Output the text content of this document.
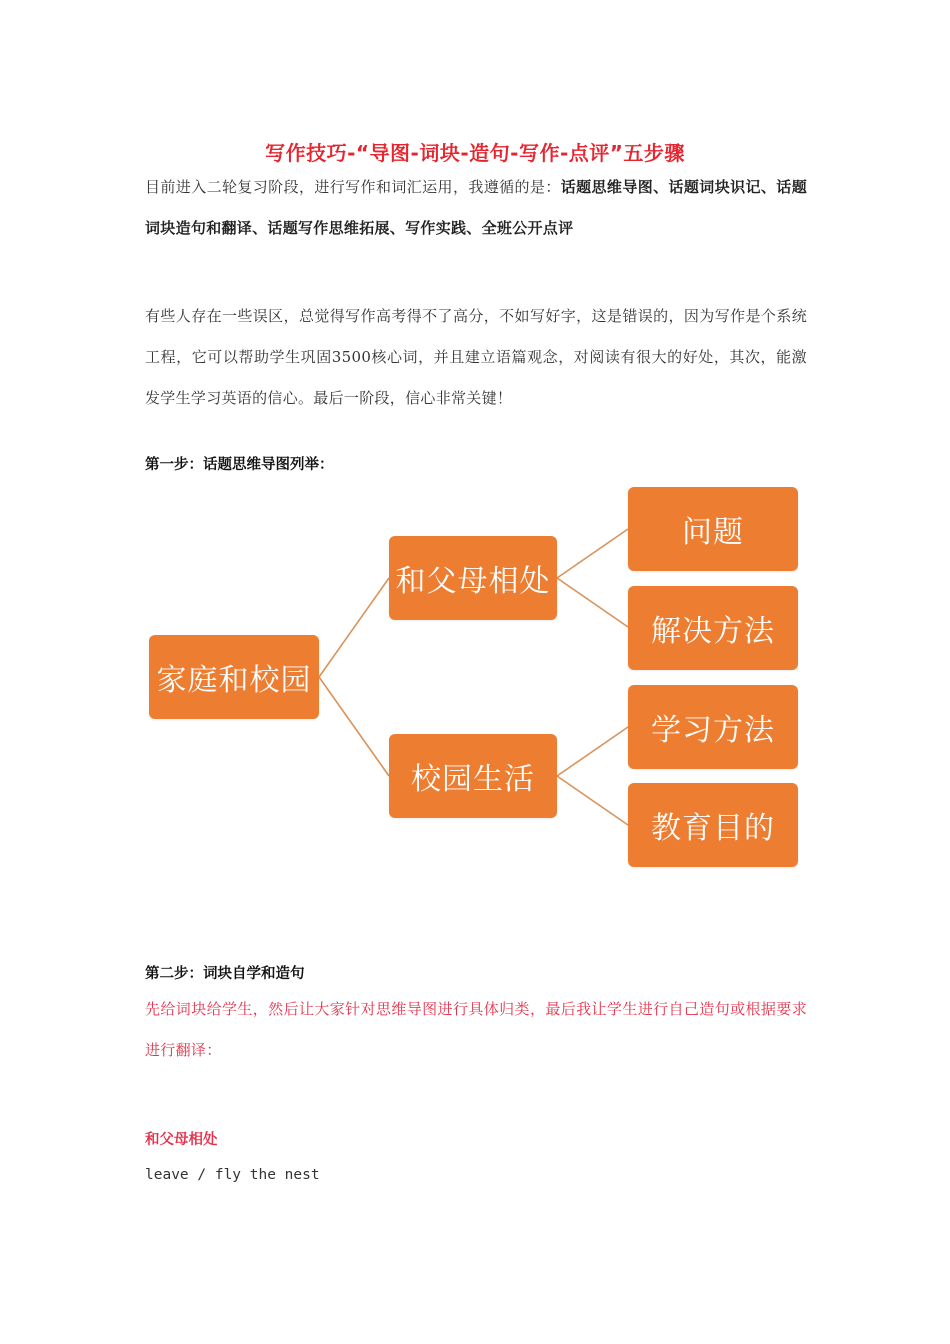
写作技巧-“导图-词块-造句-写作-点评”五步骤
目前进入二轮复习阶段，进行写作和词汇运用，我遵循的是：话题思维导图、话题词块识记、话题词块造句和翻译、话题写作思维拓展、写作实践、全班公开点评
有些人存在一些误区，总觉得写作高考得不了高分，不如写好字，这是错误的，因为写作是个系统工程，它可以帮助学生巩固3500核心词，并且建立语篇观念，对阅读有很大的好处，其次，能激发学生学习英语的信心。最后一阶段，信心非常关键！
第一步：话题思维导图列举：
家庭和校园
和父母相处
校园生活
问题
解决方法
学习方法
教育目的
第二步：词块自学和造句
先给词块给学生，然后让大家针对思维导图进行具体归类，最后我让学生进行自己造句或根据要求进行翻译：
和父母相处
leave / fly the nest
